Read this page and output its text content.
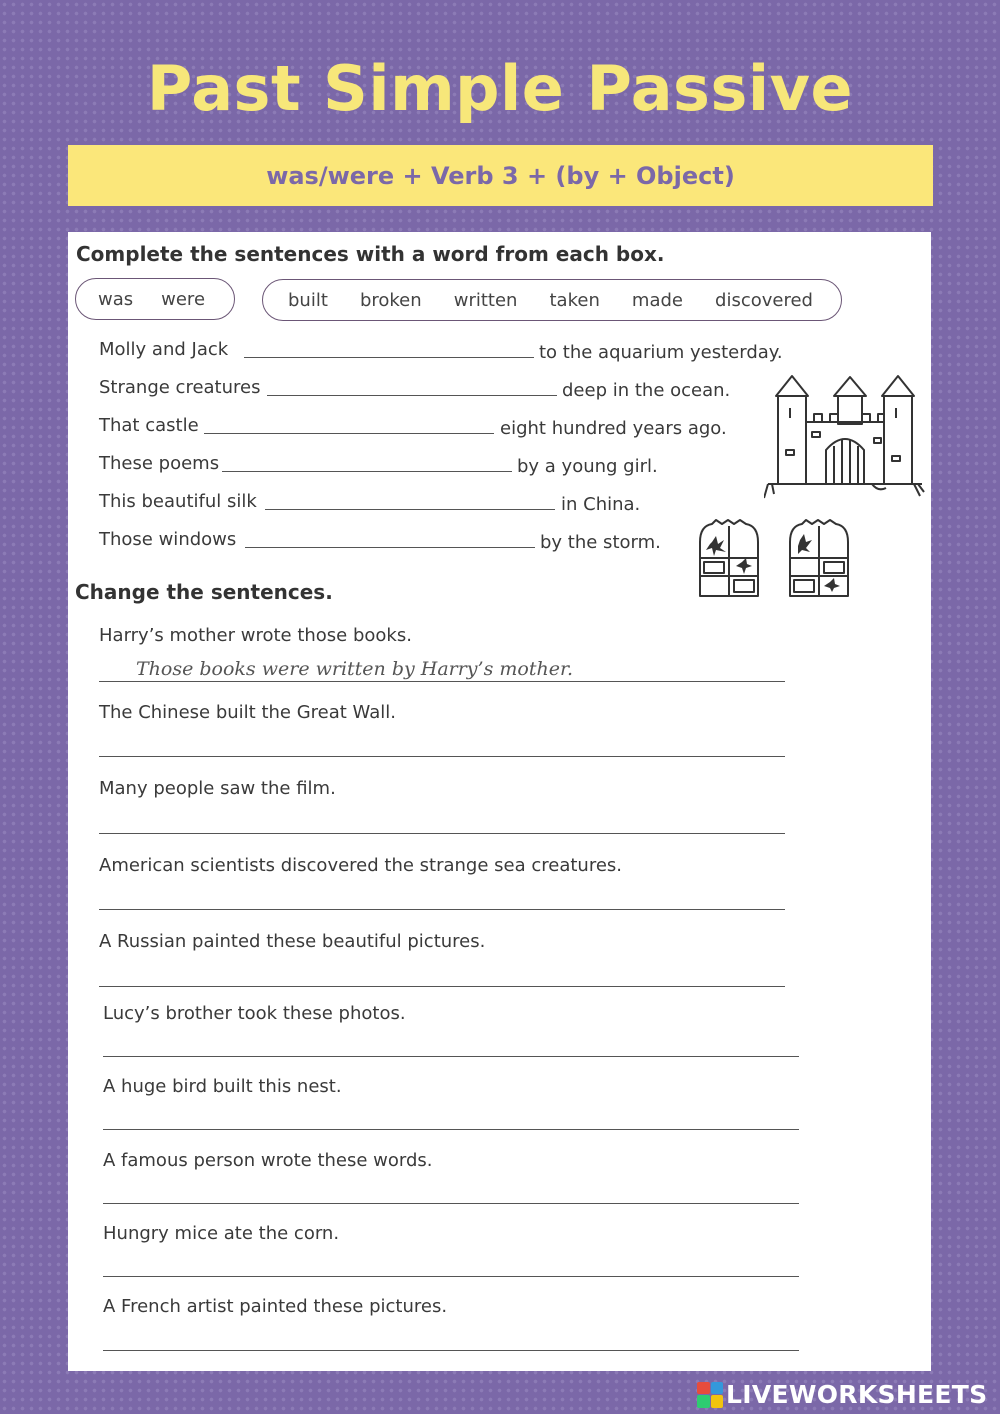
Past Simple Passive
was/were + Verb 3 + (by + Object)
Complete the sentences with a word from each box.
was were	built broken written taken made discovered
Molly and Jack	to the aquarium yesterday.
Strange creatures	deep in the ocean.
That castle	eight hundred years ago.
These poems	by a young girl.
This beautiful silk	in China.
Those windows	by the storm.
Change the sentences.
Harry’s mother wrote those books.
Those books were written by Harry’s mother.
The Chinese built the Great Wall.
Many people saw the film.
American scientists discovered the strange sea creatures.
A Russian painted these beautiful pictures.
Lucy’s brother took these photos.
A huge bird built this nest.
A famous person wrote these words.
Hungry mice ate the corn.
A French artist painted these pictures.
LIVEWORKSHEETS
